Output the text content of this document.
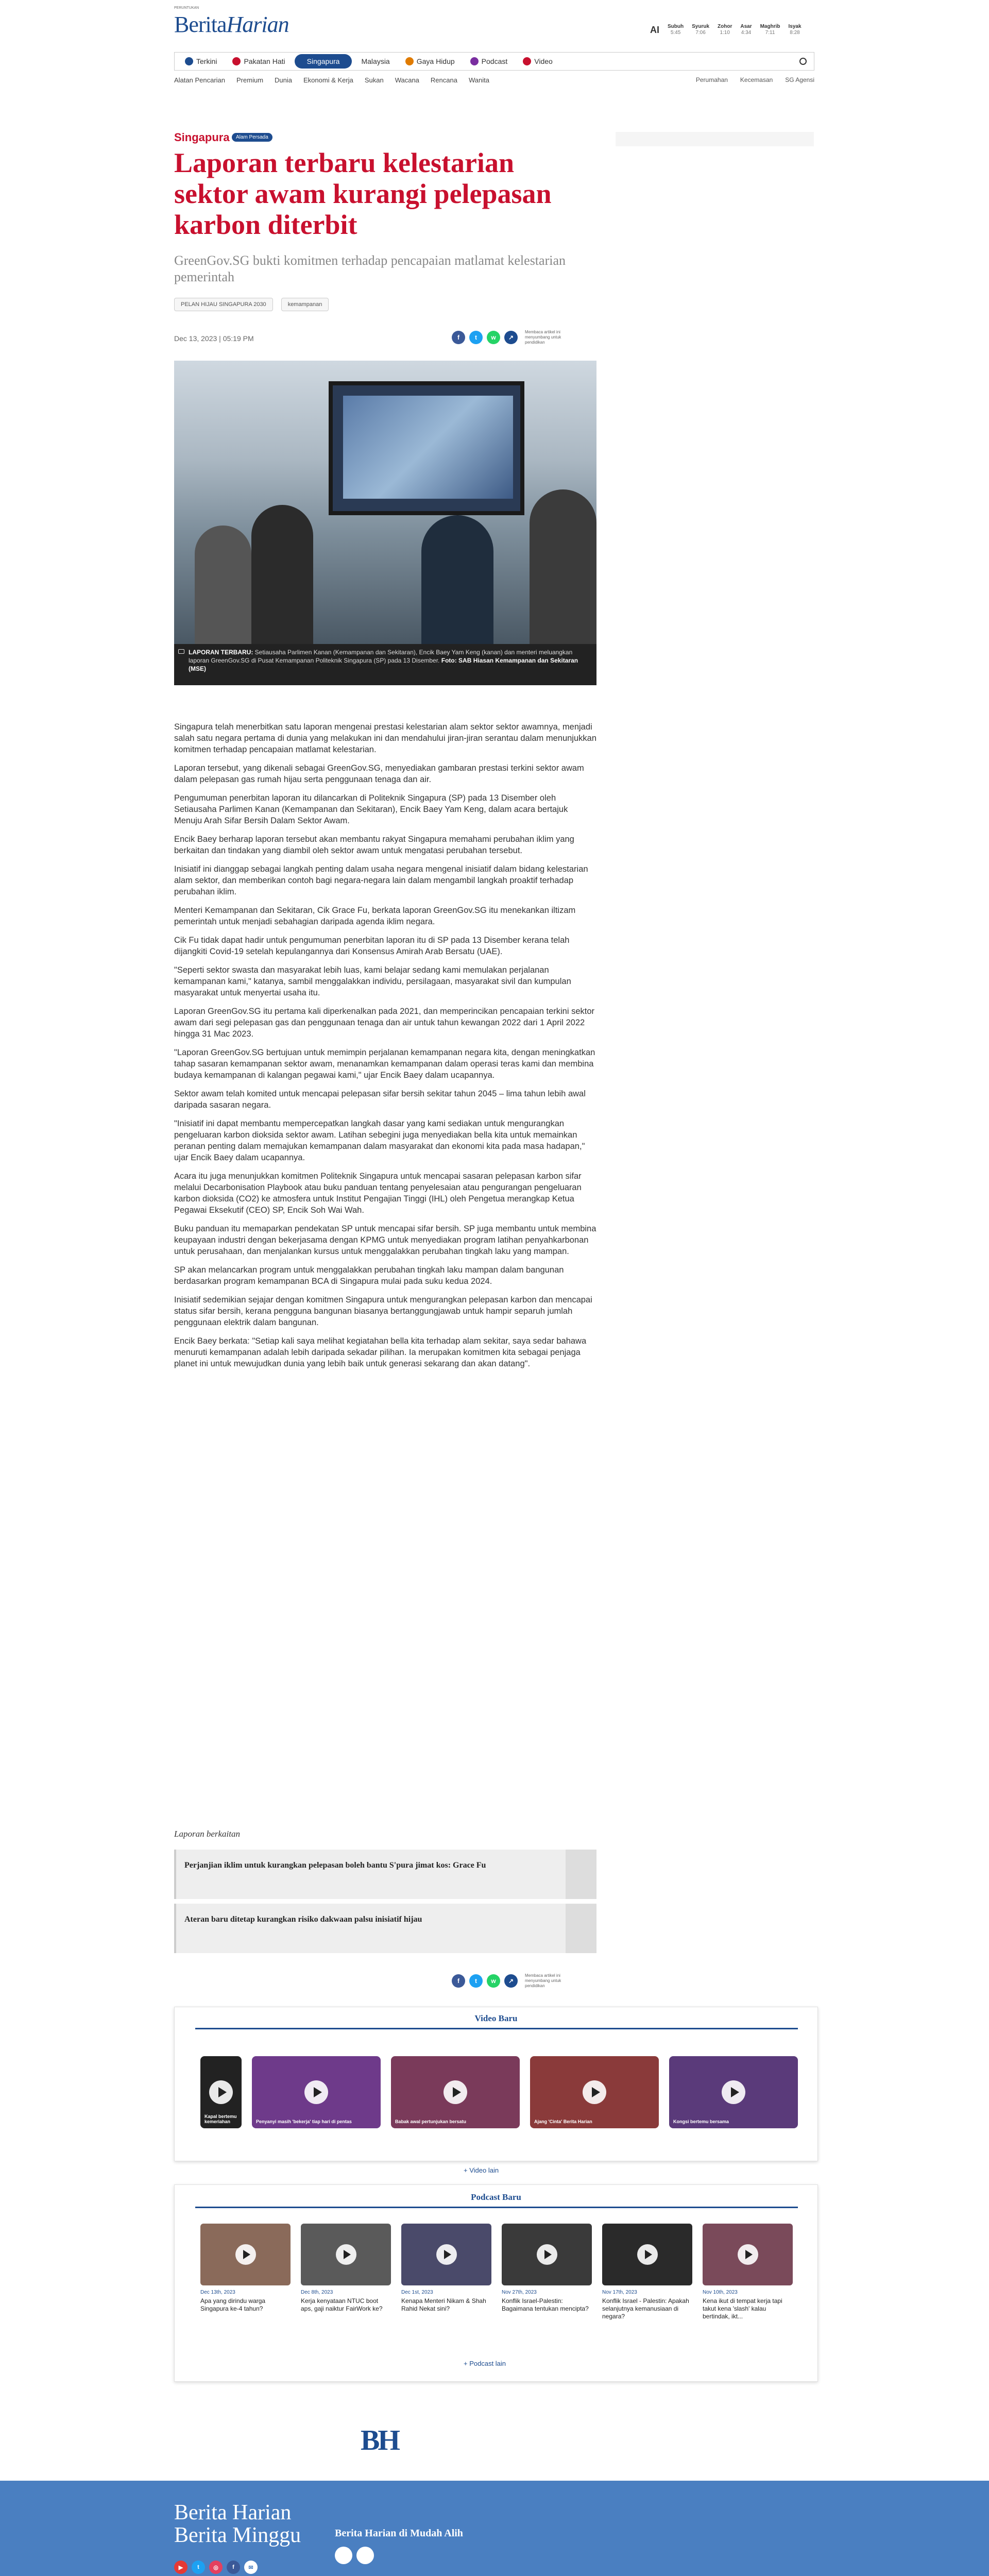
PERUNTUKAN
BeritaHarian	AI Subuh
5:45
Syuruk
7:06
Zohor
1:10
Asar
4:34
Maghrib
7:11
Isyak
8:28
Terkini	Pakatan Hati	Singapura	Malaysia	Gaya Hidup	Podcast	Video
Alatan Pencarian Premium Dunia Ekonomi & Kerja Sukan Wacana Rencana Wanita	Perumahan Kecemasan SG Agensi
Singapura	Alam Persada
Laporan terbaru kelestarian sektor awam kurangi pelepasan karbon diterbit
GreenGov.SG bukti komitmen terhadap pencapaian matlamat kelestarian pemerintah
PELAN HIJAU SINGAPURA 2030	kemampanan
Dec 13, 2023 | 05:19 PM	f	t	w	↗
Membaca artikel ini menyumbang untuk pendidikan
LAPORAN TERBARU: Setiausaha Parlimen Kanan (Kemampanan dan Sekitaran), Encik Baey Yam Keng (kanan) dan menteri meluangkan laporan GreenGov.SG di Pusat Kemampanan Politeknik Singapura (SP) pada 13 Disember. Foto: SAB Hiasan Kemampanan dan Sekitaran (MSE)

Singapura telah menerbitkan satu laporan mengenai prestasi kelestarian alam sektor sektor awamnya, menjadi salah satu negara pertama di dunia yang melakukan ini dan mendahului jiran-jiran serantau dalam menunjukkan komitmen terhadap pencapaian matlamat kelestarian.

Laporan tersebut, yang dikenali sebagai GreenGov.SG, menyediakan gambaran prestasi terkini sektor awam dalam pelepasan gas rumah hijau serta penggunaan tenaga dan air.

Pengumuman penerbitan laporan itu dilancarkan di Politeknik Singapura (SP) pada 13 Disember oleh Setiausaha Parlimen Kanan (Kemampanan dan Sekitaran), Encik Baey Yam Keng, dalam acara bertajuk Menuju Arah Sifar Bersih Dalam Sektor Awam.

Encik Baey berharap laporan tersebut akan membantu rakyat Singapura memahami perubahan iklim yang berkaitan dan tindakan yang diambil oleh sektor awam untuk mengatasi perubahan tersebut.

Inisiatif ini dianggap sebagai langkah penting dalam usaha negara mengenal inisiatif dalam bidang kelestarian alam sektor, dan memberikan contoh bagi negara-negara lain dalam mengambil langkah proaktif terhadap perubahan iklim.

Menteri Kemampanan dan Sekitaran, Cik Grace Fu, berkata laporan GreenGov.SG itu menekankan iltizam pemerintah untuk menjadi sebahagian daripada agenda iklim negara.

Cik Fu tidak dapat hadir untuk pengumuman penerbitan laporan itu di SP pada 13 Disember kerana telah dijangkiti Covid-19 setelah kepulangannya dari Konsensus Amirah Arab Bersatu (UAE).

"Seperti sektor swasta dan masyarakat lebih luas, kami belajar sedang kami memulakan perjalanan kemampanan kami," katanya, sambil menggalakkan individu, persilagaan, masyarakat sivil dan kumpulan masyarakat untuk menyertai usaha itu.

Laporan GreenGov.SG itu pertama kali diperkenalkan pada 2021, dan memperincikan pencapaian terkini sektor awam dari segi pelepasan gas dan penggunaan tenaga dan air untuk tahun kewangan 2022 dari 1 April 2022 hingga 31 Mac 2023.

"Laporan GreenGov.SG bertujuan untuk memimpin perjalanan kemampanan negara kita, dengan meningkatkan tahap sasaran kemampanan sektor awam, menanamkan kemampanan dalam operasi teras kami dan membina budaya kemampanan di kalangan pegawai kami," ujar Encik Baey dalam ucapannya.

Sektor awam telah komited untuk mencapai pelepasan sifar bersih sekitar tahun 2045 – lima tahun lebih awal daripada sasaran negara.

"Inisiatif ini dapat membantu mempercepatkan langkah dasar yang kami sediakan untuk mengurangkan pengeluaran karbon dioksida sektor awam. Latihan sebegini juga menyediakan bella kita untuk memainkan peranan penting dalam memajukan kemampanan dalam masyarakat dan ekonomi kita pada masa hadapan," ujar Encik Baey dalam ucapannya.

Acara itu juga menunjukkan komitmen Politeknik Singapura untuk mencapai sasaran pelepasan karbon sifar melalui Decarbonisation Playbook atau buku panduan tentang penyelesaian atau pengurangan pengeluaran karbon dioksida (CO2) ke atmosfera untuk Institut Pengajian Tinggi (IHL) oleh Pengetua merangkap Ketua Pegawai Eksekutif (CEO) SP, Encik Soh Wai Wah.

Buku panduan itu memaparkan pendekatan SP untuk mencapai sifar bersih. SP juga membantu untuk membina keupayaan industri dengan bekerjasama dengan KPMG untuk menyediakan program latihan penyahkarbonan untuk perusahaan, dan menjalankan kursus untuk menggalakkan perubahan tingkah laku yang mampan.

SP akan melancarkan program untuk menggalakkan perubahan tingkah laku mampan dalam bangunan berdasarkan program kemampanan BCA di Singapura mulai pada suku kedua 2024.

Inisiatif sedemikian sejajar dengan komitmen Singapura untuk mengurangkan pelepasan karbon dan mencapai status sifar bersih, kerana pengguna bangunan biasanya bertanggungjawab untuk hampir separuh jumlah penggunaan elektrik dalam bangunan.

Encik Baey berkata: "Setiap kali saya melihat kegiatahan bella kita terhadap alam sekitar, saya sedar bahawa menuruti kemampanan adalah lebih daripada sekadar pilihan. Ia merupakan komitmen kita sebagai penjaga planet ini untuk mewujudkan dunia yang lebih baik untuk generasi sekarang dan akan datang".

Laporan berkaitan
Perjanjian iklim untuk kurangkan pelepasan boleh bantu S'pura jimat kos: Grace Fu
Ateran baru ditetap kurangkan risiko dakwaan palsu inisiatif hijau
f	t	w	↗
Membaca artikel ini menyumbang untuk pendidikan
Video Baru
Kapal bertemu kemeriahan	Penyanyi masih 'bekerja' tiap hari di pentas	Babak awal pertunjukan bersatu	Ajang 'Cinta' Berita Harian	Kongsi bertemu bersama
+ Video lain
Podcast Baru
Dec 13th, 2023
Apa yang dirindu warga Singapura ke-4 tahun?
Dec 8th, 2023
Kerja kenyataan NTUC boot aps, gaji naiktur FairWork ke?
Dec 1st, 2023
Kenapa Menteri Nikam & Shah Rahid Nekat sini?
Nov 27th, 2023
Konflik Israel-Palestin: Bagaimana tentukan mencipta?
Nov 17th, 2023
Konflik Israel - Palestin: Apakah selanjutnya kemanusiaan di negara?
Nov 10th, 2023
Kena ikut di tempat kerja tapi takut kena 'slash' kalau bertindak, ikt...
+ Podcast lain
BH
Berita Harian
Berita Minggu
▶	t	◎	f	✉
Berita Harian di Mudah Alih
